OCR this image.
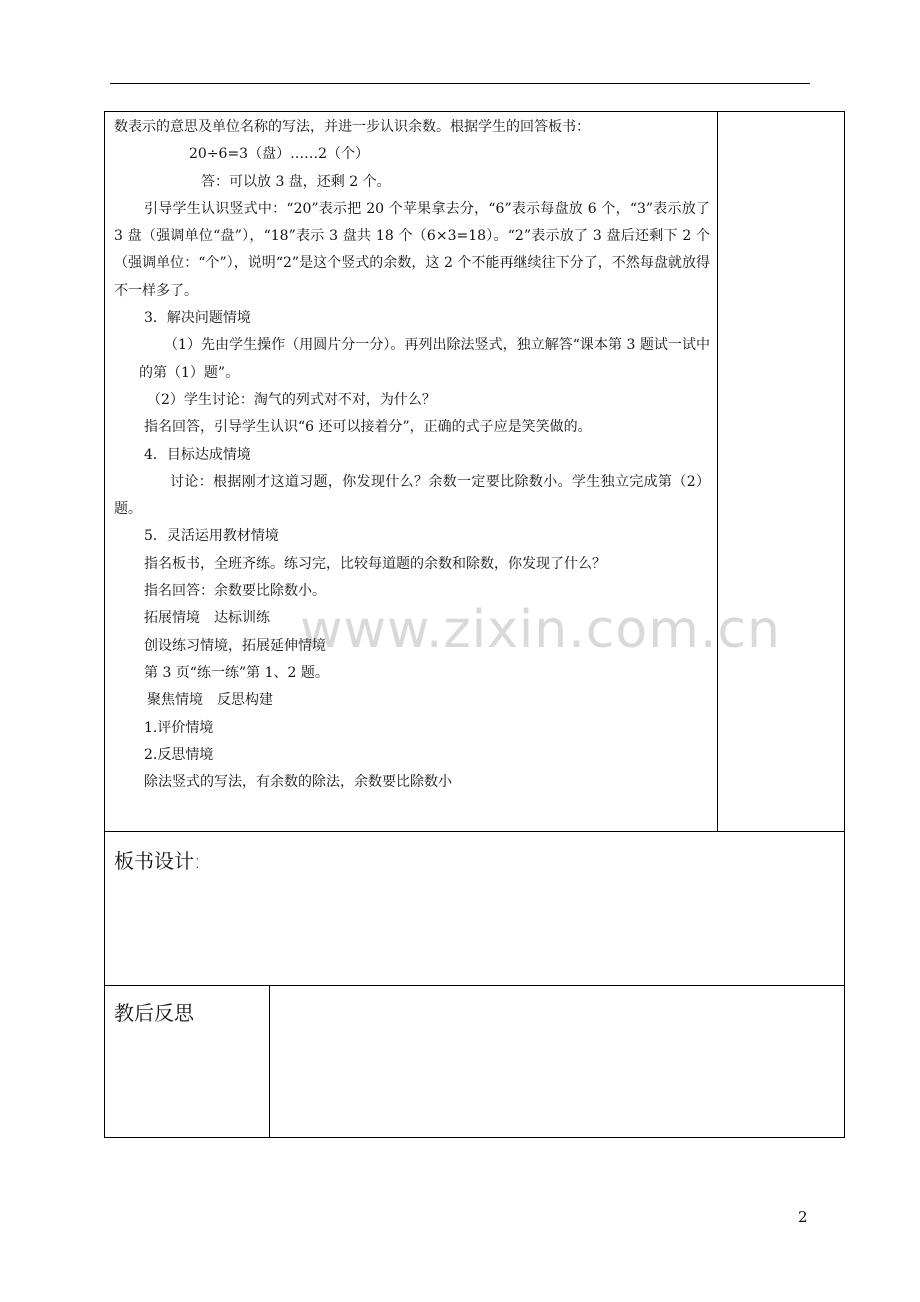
www.zixin.com.cn

数表示的意思及单位名称的写法，并进一步认识余数。根据学生的回答板书：

20÷6=3（盘）……2（个）

答：可以放 3 盘，还剩 2 个。

引导学生认识竖式中：“20”表示把 20 个苹果拿去分，“6”表示每盘放 6 个，“3”表示放了 3 盘（强调单位“盘”），“18”表示 3 盘共 18 个（6×3=18）。“2”表示放了 3 盘后还剩下 2 个（强调单位：“个”），说明“2”是这个竖式的余数，这 2 个不能再继续往下分了，不然每盘就放得不一样多了。

3．解决问题情境

（1）先由学生操作（用圆片分一分）。再列出除法竖式，独立解答“课本第 3 题试一试中的第（1）题”。

（2）学生讨论：淘气的列式对不对，为什么？

指名回答，引导学生认识“6 还可以接着分”，正确的式子应是笑笑做的。

4．目标达成情境

讨论：根据刚才这道习题，你发现什么？余数一定要比除数小。学生独立完成第（2）题。

5．灵活运用教材情境

指名板书，全班齐练。练习完，比较每道题的余数和除数，你发现了什么？

指名回答：余数要比除数小。

拓展情境　达标训练

创设练习情境，拓展延伸情境

第 3 页“练一练”第 1、2 题。

聚焦情境　反思构建

1.评价情境

2.反思情境

除法竖式的写法，有余数的除法，余数要比除数小

板书设计:
教后反思
2
